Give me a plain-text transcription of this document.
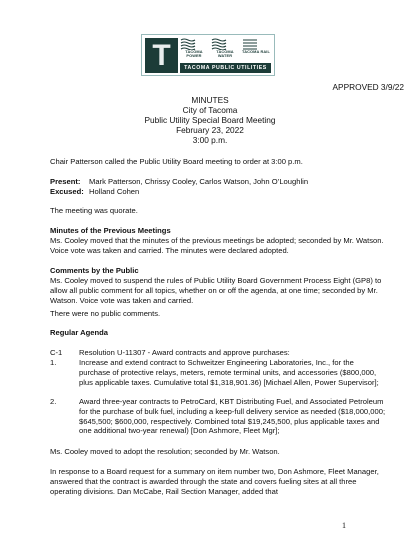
T	TACOMA POWER
TACOMA WATER
TACOMA RAIL
TACOMA PUBLIC UTILITIES
APPROVED 3/9/22
MINUTES
City of Tacoma
Public Utility Special Board Meeting
February 23, 2022
3:00 p.m.

Chair Patterson called the Public Utility Board meeting to order at 3:00 p.m.

Present: Mark Patterson, Chrissy Cooley, Carlos Watson, John O’Loughlin
Excused: Holland Cohen

The meeting was quorate.

Minutes of the Previous Meetings

Ms. Cooley moved that the minutes of the previous meetings be adopted; seconded by Mr. Watson. Voice vote was taken and carried. The minutes were declared adopted.

Comments by the Public

Ms. Cooley moved to suspend the rules of Public Utility Board Government Process Eight (GP8) to allow all public comment for all topics, whether on or off the agenda, at one time; seconded by Mr. Watson. Voice vote was taken and carried.

There were no public comments.

Regular Agenda

C-1 Resolution U-11307 - Award contracts and approve purchases:
1.	Increase and extend contract to Schweitzer Engineering Laboratories, Inc., for the purchase of protective relays, meters, remote terminal units, and accessories ($800,000, plus applicable taxes. Cumulative total $1,318,901.36) [Michael Allen, Power Supervisor];
2.	Award three-year contracts to PetroCard, KBT Distributing Fuel, and Associated Petroleum for the purchase of bulk fuel, including a keep-full delivery service as needed ($18,000,000; $645,500; $600,000, respectively. Combined total $19,245,500, plus applicable taxes and one additional two-year renewal) [Don Ashmore, Fleet Mgr];

Ms. Cooley moved to adopt the resolution; seconded by Mr. Watson.

In response to a Board request for a summary on item number two, Don Ashmore, Fleet Manager, answered that the contract is awarded through the state and covers fueling sites at all three operating divisions. Dan McCabe, Rail Section Manager, added that

1
